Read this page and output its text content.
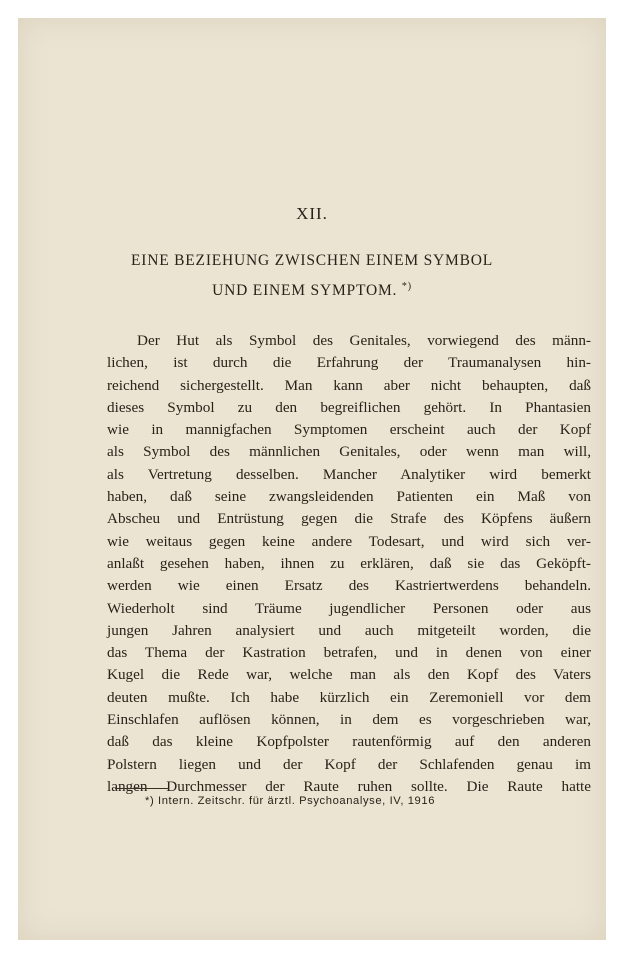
XII.
EINE BEZIEHUNG ZWISCHEN EINEM SYMBOL
UND EINEM SYMPTOM. *)
Der Hut als Symbol des Genitales, vorwiegend des männ-
lichen, ist durch die Erfahrung der Traumanalysen hin-
reichend sichergestellt. Man kann aber nicht behaupten, daß
dieses Symbol zu den begreiflichen gehört. In Phantasien
wie in mannigfachen Symptomen erscheint auch der Kopf
als Symbol des männlichen Genitales, oder wenn man will,
als Vertretung desselben. Mancher Analytiker wird bemerkt
haben, daß seine zwangsleidenden Patienten ein Maß von
Abscheu und Entrüstung gegen die Strafe des Köpfens äußern
wie weitaus gegen keine andere Todesart, und wird sich ver-
anlaßt gesehen haben, ihnen zu erklären, daß sie das Geköpft-
werden wie einen Ersatz des Kastriertwerdens behandeln.
Wiederholt sind Träume jugendlicher Personen oder aus
jungen Jahren analysiert und auch mitgeteilt worden, die
das Thema der Kastration betrafen, und in denen von einer
Kugel die Rede war, welche man als den Kopf des Vaters
deuten mußte. Ich habe kürzlich ein Zeremoniell vor dem
Einschlafen auflösen können, in dem es vorgeschrieben war,
daß das kleine Kopfpolster rautenförmig auf den anderen
Polstern liegen und der Kopf der Schlafenden genau im
langen Durchmesser der Raute ruhen sollte. Die Raute hatte
*) Intern. Zeitschr. für ärztl. Psychoanalyse, IV, 1916
